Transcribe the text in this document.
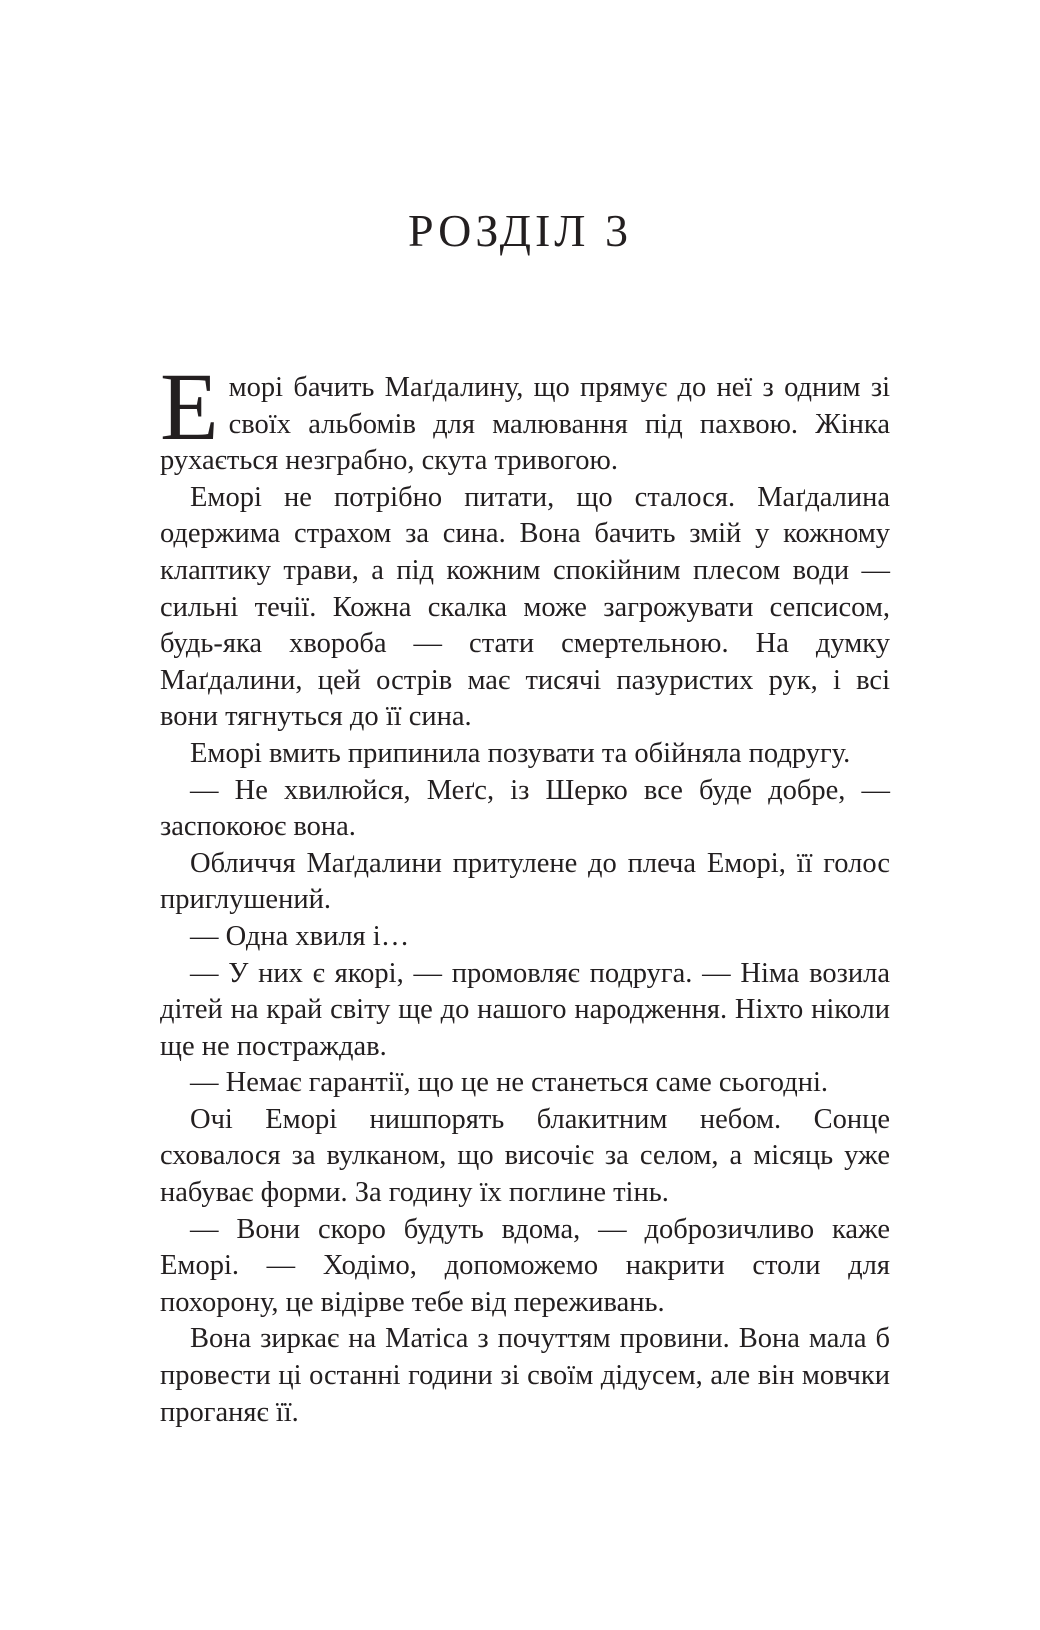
РОЗДІЛ 3

Еморі бачить Маґдалину, що прямує до неї з одним зі своїх альбомів для малювання під пахвою. Жінка рухається незграбно, скута тривогою.

Еморі не потрібно питати, що сталося. Маґдалина одержима страхом за сина. Вона бачить змій у кожному клаптику трави, а під кожним спокійним плесом води — сильні течії. Кожна скалка може загрожувати сепсисом, будь-яка хвороба — стати смертельною. На думку Маґдалини, цей острів має тисячі пазуристих рук, і всі вони тягнуться до її сина.

Еморі вмить припинила позувати та обійняла подругу.

— Не хвилюйся, Меґс, із Шерко все буде добре, — заспокоює вона.

Обличчя Маґдалини притулене до плеча Еморі, її голос приглушений.

— Одна хвиля і…

— У них є якорі, — промовляє подруга. — Німа возила дітей на край світу ще до нашого народження. Ніхто ніколи ще не постраждав.

— Немає гарантії, що це не станеться саме сьогодні.

Очі Еморі нишпорять блакитним небом. Сонце сховалося за вулканом, що височіє за селом, а місяць уже набуває форми. За годину їх поглине тінь.

— Вони скоро будуть вдома, — доброзичливо каже Еморі. — Ходімо, допоможемо накрити столи для похорону, це відірве тебе від переживань.

Вона зиркає на Матіса з почуттям провини. Вона мала б провести ці останні години зі своїм дідусем, але він мовчки проганяє її.
